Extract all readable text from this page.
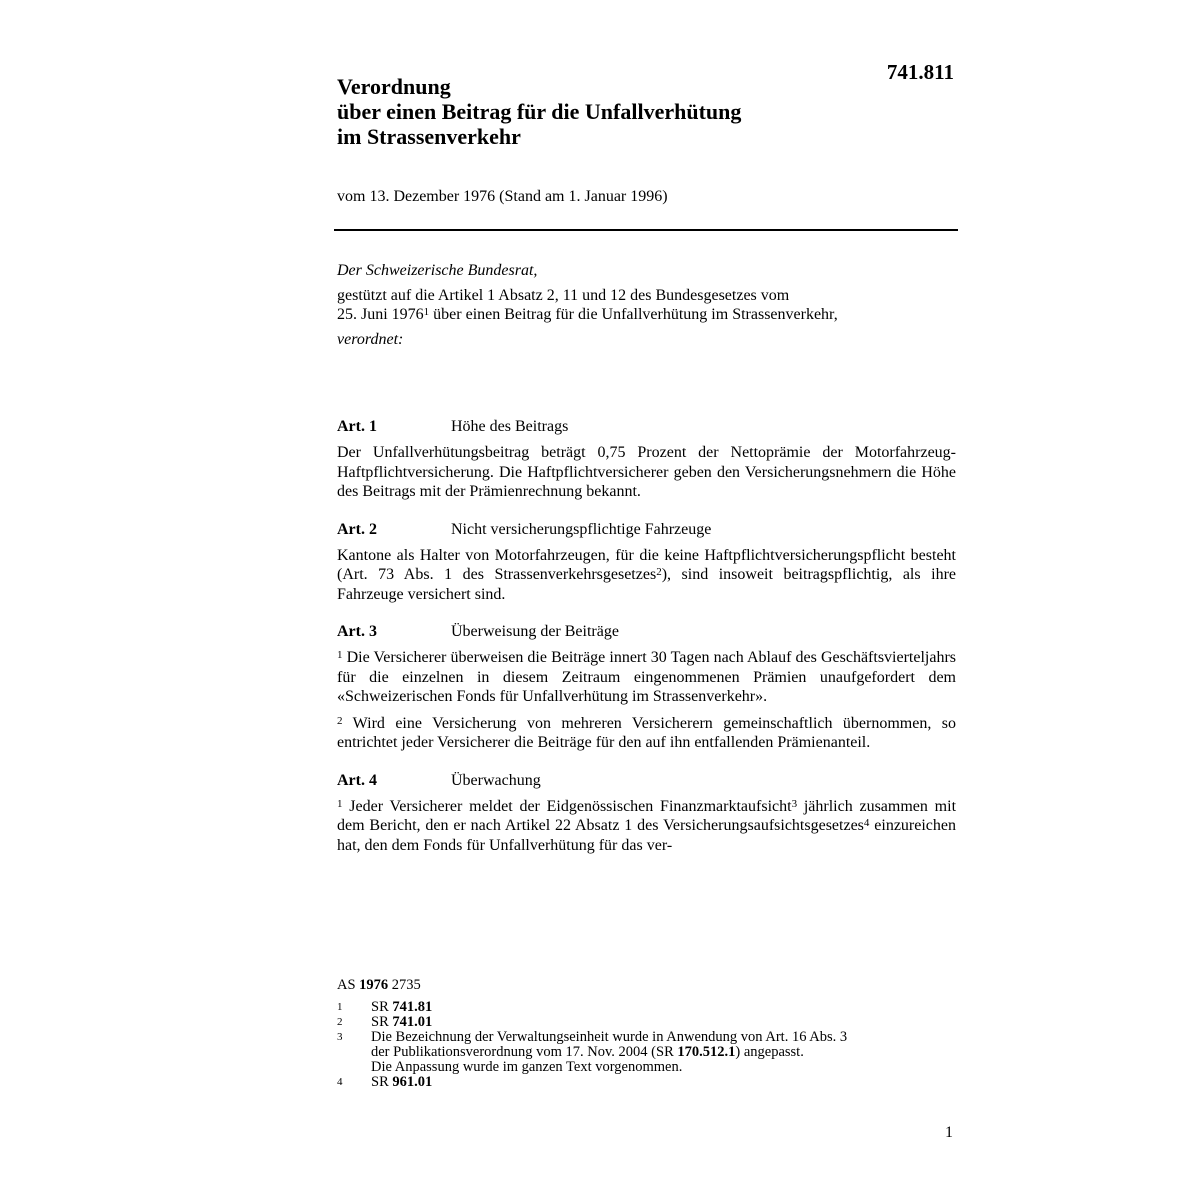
741.811
Verordnung
über einen Beitrag für die Unfallverhütung
im Strassenverkehr
vom 13. Dezember 1976 (Stand am 1. Januar 1996)

Der Schweizerische Bundesrat,

gestützt auf die Artikel 1 Absatz 2, 11 und 12 des Bundesgesetzes vom
25. Juni 1976$^1$ über einen Beitrag für die Unfallverhütung im Strassenverkehr,

verordnet:

Art. 1	Höhe des Beitrags

Der Unfallverhütungsbeitrag beträgt 0,75 Prozent der Nettoprämie der Motorfahrzeug-Haftpflichtversicherung. Die Haftpflichtversicherer geben den Versicherungsnehmern die Höhe des Beitrags mit der Prämienrechnung bekannt.

Art. 2	Nicht versicherungspflichtige Fahrzeuge

Kantone als Halter von Motorfahrzeugen, für die keine Haftpflichtversicherungspflicht besteht (Art. 73 Abs. 1 des Strassenverkehrsgesetzes$^2$), sind insoweit beitragspflichtig, als ihre Fahrzeuge versichert sind.

Art. 3	Überweisung der Beiträge

$^1$ Die Versicherer überweisen die Beiträge innert 30 Tagen nach Ablauf des Geschäftsvierteljahrs für die einzelnen in diesem Zeitraum eingenommenen Prämien unaufgefordert dem «Schweizerischen Fonds für Unfallverhütung im Strassenverkehr».

$^2$ Wird eine Versicherung von mehreren Versicherern gemeinschaftlich übernommen, so entrichtet jeder Versicherer die Beiträge für den auf ihn entfallenden Prämienanteil.

Art. 4	Überwachung

$^1$ Jeder Versicherer meldet der Eidgenössischen Finanzmarktaufsicht$^3$ jährlich zusammen mit dem Bericht, den er nach Artikel 22 Absatz 1 des Versicherungsaufsichtsgesetzes$^4$ einzureichen hat, den dem Fonds für Unfallverhütung für das ver-

AS 1976 2735
1	SR 741.81
2	SR 741.01
3	Die Bezeichnung der Verwaltungseinheit wurde in Anwendung von Art. 16 Abs. 3
der Publikationsverordnung vom 17. Nov. 2004 (SR 170.512.1) angepasst.
Die Anpassung wurde im ganzen Text vorgenommen.
4	SR 961.01
1
